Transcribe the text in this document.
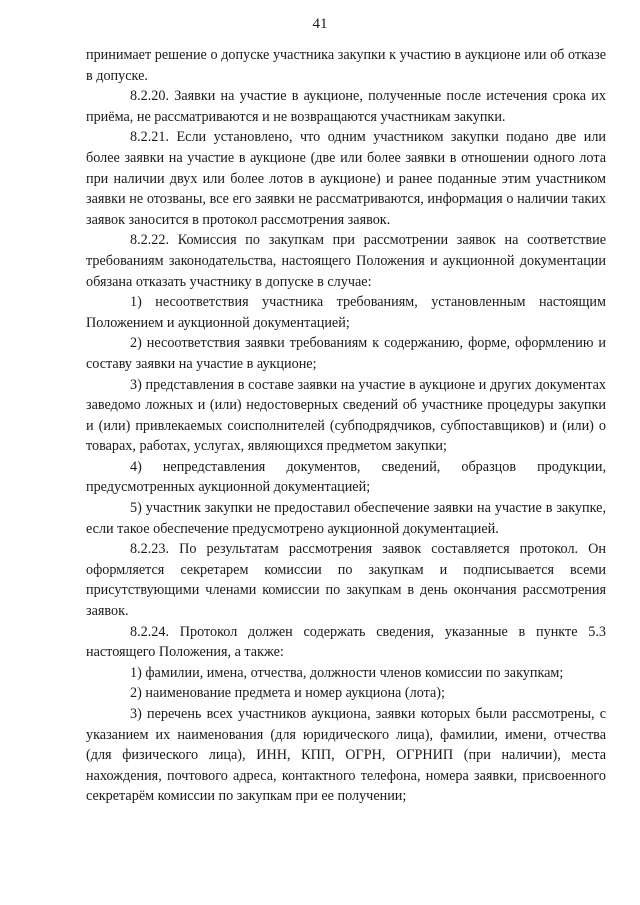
41

принимает решение о допуске участника закупки к участию в аукционе или об отказе в допуске.

8.2.20. Заявки на участие в аукционе, полученные после истечения срока их приёма, не рассматриваются и не возвращаются участникам закупки.

8.2.21. Если установлено, что одним участником закупки подано две или более заявки на участие в аукционе (две или более заявки в отношении одного лота при наличии двух или более лотов в аукционе) и ранее поданные этим участником заявки не отозваны, все его заявки не рассматриваются, информация о наличии таких заявок заносится в протокол рассмотрения заявок.

8.2.22. Комиссия по закупкам при рассмотрении заявок на соответствие требованиям законодательства, настоящего Положения и аукционной документации обязана отказать участнику в допуске в случае:

1) несоответствия участника требованиям, установленным настоящим Положением и аукционной документацией;

2) несоответствия заявки требованиям к содержанию, форме, оформлению и составу заявки на участие в аукционе;

3) представления в составе заявки на участие в аукционе и других документах заведомо ложных и (или) недостоверных сведений об участнике процедуры закупки и (или) привлекаемых соисполнителей (субподрядчиков, субпоставщиков) и (или) о товарах, работах, услугах, являющихся предметом закупки;

4) непредставления документов, сведений, образцов продукции, предусмотренных аукционной документацией;

5) участник закупки не предоставил обеспечение заявки на участие в закупке, если такое обеспечение предусмотрено аукционной документацией.

8.2.23. По результатам рассмотрения заявок составляется протокол. Он оформляется секретарем комиссии по закупкам и подписывается всеми присутствующими членами комиссии по закупкам в день окончания рассмотрения заявок.

8.2.24. Протокол должен содержать сведения, указанные в пункте 5.3 настоящего Положения, а также:

1) фамилии, имена, отчества, должности членов комиссии по закупкам;

2) наименование предмета и номер аукциона (лота);

3) перечень всех участников аукциона, заявки которых были рассмотрены, с указанием их наименования (для юридического лица), фамилии, имени, отчества (для физического лица), ИНН, КПП, ОГРН, ОГРНИП (при наличии), места нахождения, почтового адреса, контактного телефона, номера заявки, присвоенного секретарём комиссии по закупкам при ее получении;
